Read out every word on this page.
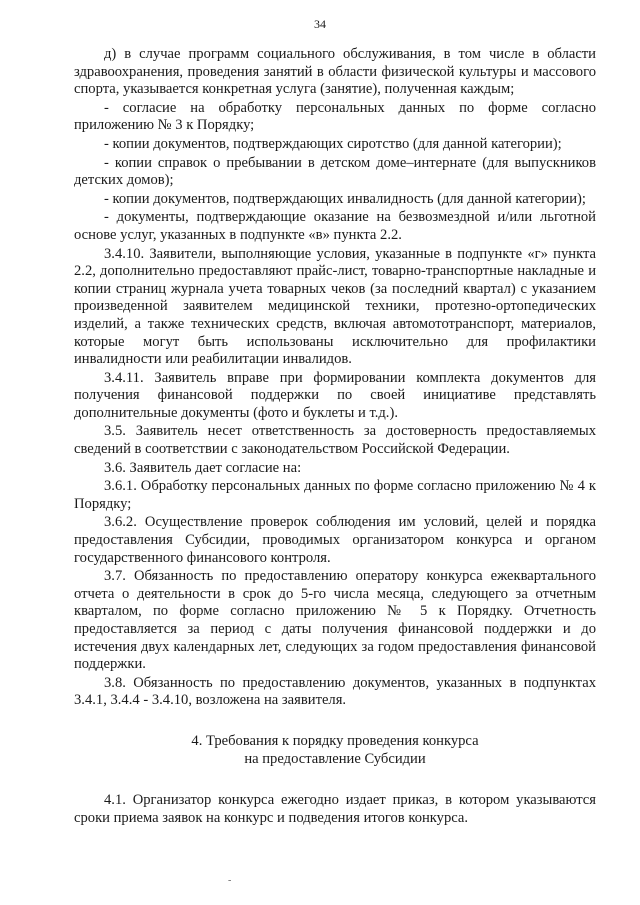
34

д) в случае программ социального обслуживания, в том числе в области здравоохранения, проведения занятий в области физической культуры и массового спорта, указывается конкретная услуга (занятие), полученная каждым;

- согласие на обработку персональных данных по форме согласно приложению № 3 к Порядку;

- копии документов, подтверждающих сиротство (для данной категории);

- копии справок о пребывании в детском доме–интернате (для выпускников детских домов);

- копии документов, подтверждающих инвалидность (для данной категории);

- документы, подтверждающие оказание на безвозмездной и/или льготной основе услуг, указанных в подпункте «в» пункта 2.2.

3.4.10. Заявители, выполняющие условия, указанные в подпункте «г» пункта 2.2, дополнительно предоставляют прайс-лист, товарно-транспортные накладные и копии страниц журнала учета товарных чеков (за последний квартал) с указанием произведенной заявителем медицинской техники, протезно-ортопедических изделий, а также технических средств, включая автомототранспорт, материалов, которые могут быть использованы исключительно для профилактики инвалидности или реабилитации инвалидов.

3.4.11. Заявитель вправе при формировании комплекта документов для получения финансовой поддержки по своей инициативе представлять дополнительные документы (фото и буклеты и т.д.).

3.5. Заявитель несет ответственность за достоверность предоставляемых сведений в соответствии с законодательством Российской Федерации.

3.6. Заявитель дает согласие на:

3.6.1. Обработку персональных данных по форме согласно приложению № 4 к Порядку;

3.6.2. Осуществление проверок соблюдения им условий, целей и порядка предоставления Субсидии, проводимых организатором конкурса и органом государственного финансового контроля.

3.7. Обязанность по предоставлению оператору конкурса ежеквартального отчета о деятельности в срок до 5-го числа месяца, следующего за отчетным кварталом, по форме согласно приложению № 5 к Порядку. Отчетность предоставляется за период с даты получения финансовой поддержки и до истечения двух календарных лет, следующих за годом предоставления финансовой поддержки.

3.8. Обязанность по предоставлению документов, указанных в подпунктах 3.4.1, 3.4.4 - 3.4.10, возложена на заявителя.

4. Требования к порядку проведения конкурса
на предоставление Субсидии

4.1. Организатор конкурса ежегодно издает приказ, в котором указываются сроки приема заявок на конкурс и подведения итогов конкурса.

-
